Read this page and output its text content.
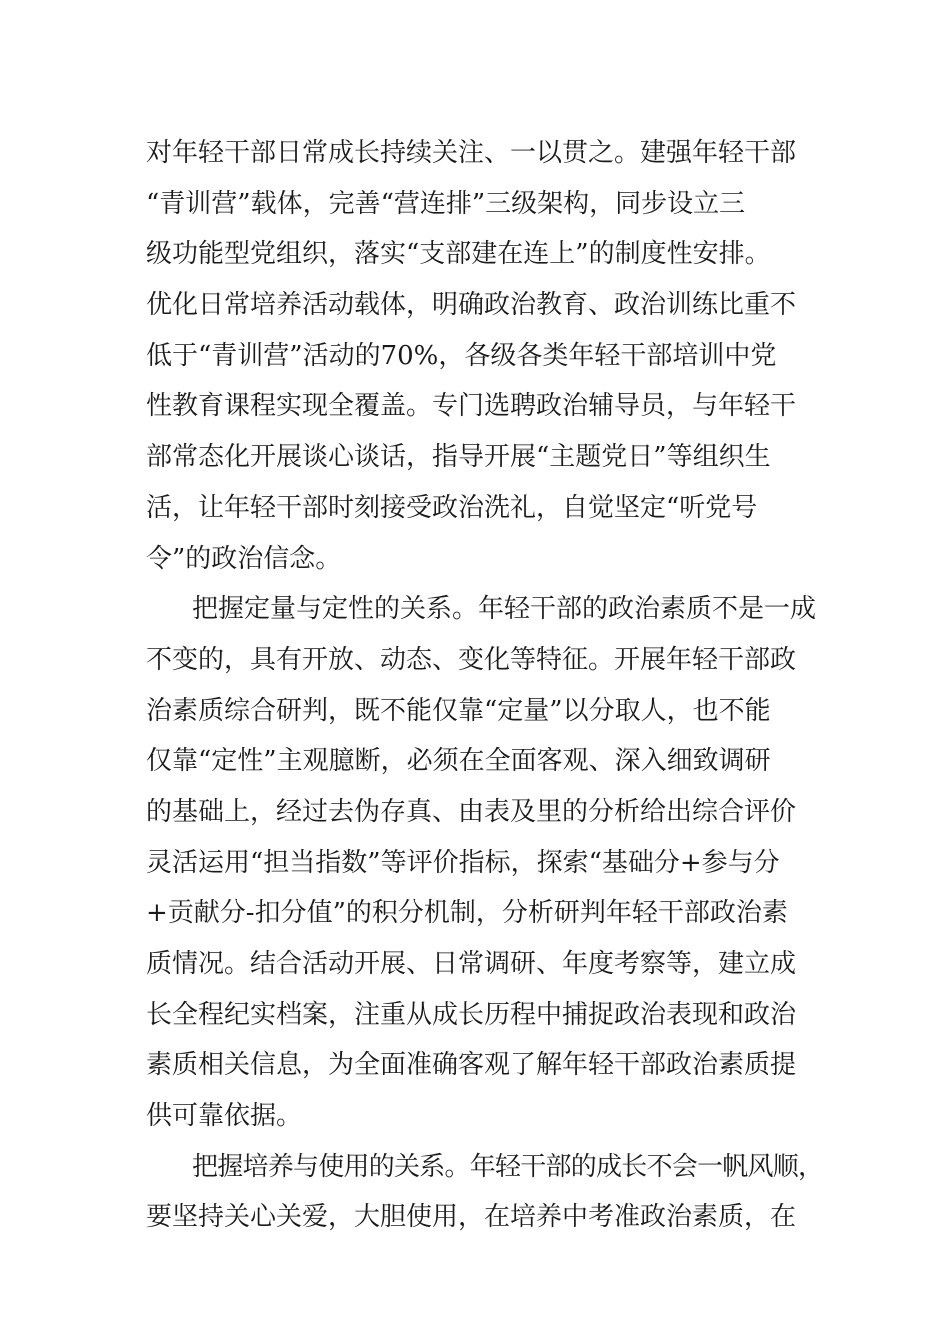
对年轻干部日常成长持续关注、一以贯之。建强年轻干部
“青训营”载体，完善“营连排”三级架构，同步设立三
级功能型党组织，落实“支部建在连上”的制度性安排。
优化日常培养活动载体，明确政治教育、政治训练比重不
低于“青训营”活动的70%，各级各类年轻干部培训中党
性教育课程实现全覆盖。专门选聘政治辅导员，与年轻干
部常态化开展谈心谈话，指导开展“主题党日”等组织生
活，让年轻干部时刻接受政治洗礼，自觉坚定“听党号
令”的政治信念。
把握定量与定性的关系。年轻干部的政治素质不是一成
不变的，具有开放、动态、变化等特征。开展年轻干部政
治素质综合研判，既不能仅靠“定量”以分取人，也不能
仅靠“定性”主观臆断，必须在全面客观、深入细致调研
的基础上，经过去伪存真、由表及里的分析给出综合评价
灵活运用“担当指数”等评价指标，探索“基础分+参与分
+贡献分-扣分值”的积分机制，分析研判年轻干部政治素
质情况。结合活动开展、日常调研、年度考察等，建立成
长全程纪实档案，注重从成长历程中捕捉政治表现和政治
素质相关信息，为全面准确客观了解年轻干部政治素质提
供可靠依据。
把握培养与使用的关系。年轻干部的成长不会一帆风顺，
要坚持关心关爱，大胆使用，在培养中考准政治素质，在
